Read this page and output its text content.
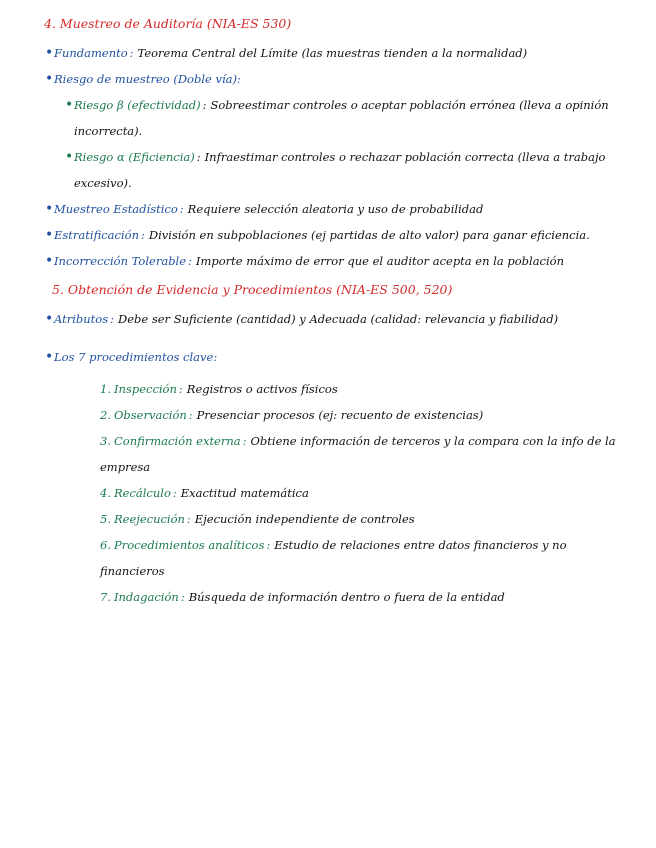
4. Muestreo de Auditoría (NIA-ES 530)

• Fundamento : Teorema Central del Límite (las muestras tienden a la normalidad)
• Riesgo de muestreo (Doble vía):
• Riesgo β (efectividad) : Sobreestimar controles o aceptar población errónea (lleva a opinión incorrecta).
• Riesgo α (Eficiencia) : Infraestimar controles o rechazar población correcta (lleva a trabajo excesivo).
• Muestreo Estadístico : Requiere selección aleatoria y uso de probabilidad
• Estratificación : División en subpoblaciones (ej partidas de alto valor) para ganar eficiencia.
• Incorrección Tolerable : Importe máximo de error que el auditor acepta en la población

5. Obtención de Evidencia y Procedimientos (NIA-ES 500, 520)

• Atributos : Debe ser Suficiente (cantidad) y Adecuada (calidad: relevancia y fiabilidad)
• Los 7 procedimientos clave:
1. Inspección : Registros o activos físicos
2. Observación : Presenciar procesos (ej: recuento de existencias)
3. Confirmación externa : Obtiene información de terceros y la compara con la info de la empresa
4. Recálculo : Exactitud matemática
5. Reejecución : Ejecución independiente de controles
6. Procedimientos analíticos : Estudio de relaciones entre datos financieros y no financieros
7. Indagación : Búsqueda de información dentro o fuera de la entidad
